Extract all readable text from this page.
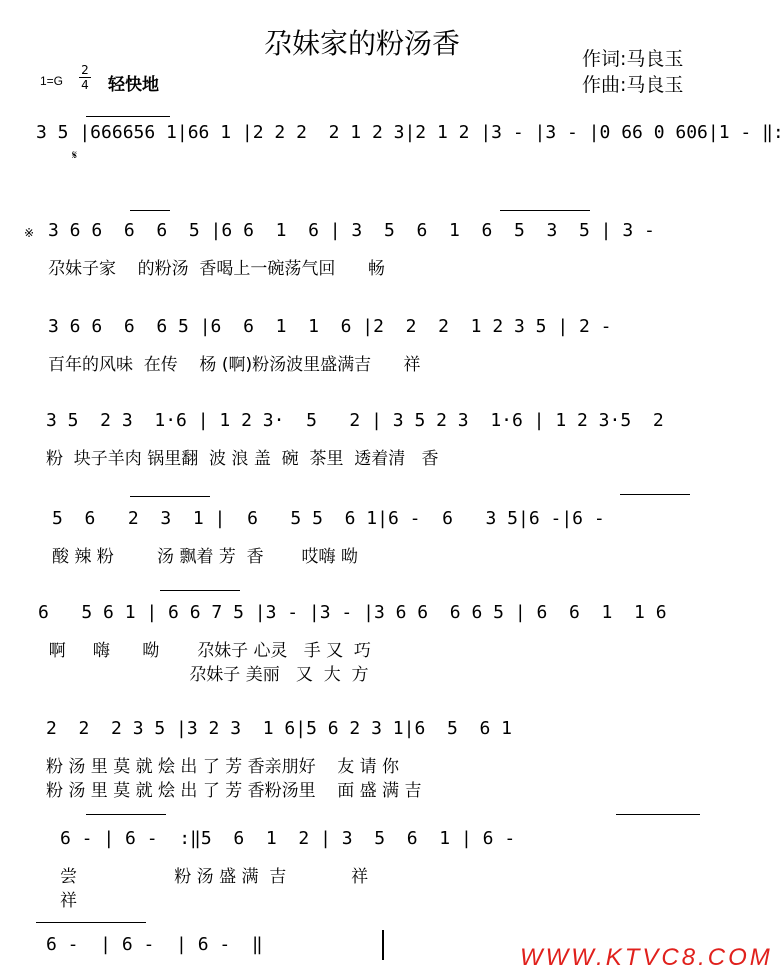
尕妹家的粉汤香	作词:马良玉
作曲:马良玉
$1=G \frac{2}{4}$ 轻快地
3 5 |666656 1|66 1 |2 2 2  2 1 2 3|2 1 2 |3 - |3 - |0 66 0 606|1 - ‖:
𝄋
※ 3 6 6  6  6  5 |6 6  1  6 | 3  5  6  1  6  5  3  5 | 3 -
尕妹子家    的粉汤  香喝上一碗荡气回      畅
3 6 6  6  6 5 |6  6  1  1  6 |2  2  2  1 2 3 5 | 2 -
百年的风味  在传    杨 (啊)粉汤波里盛满吉      祥
3 5  2 3  1·6 | 1 2 3·  5   2 | 3 5 2 3  1·6 | 1 2 3·5  2
粉  块子羊肉 锅里翻  波 浪 盖  碗  茶里  透着清   香
5  6   2  3  1 |  6   5 5  6 1|6 -  6   3 5|6 -|6 -
酸 辣 粉        汤 飘着 芳  香       哎嗨 呦
6   5 6 1 | 6 6 7 5 |3 - |3 - |3 6 6  6 6 5 | 6  6  1  1 6
啊     嗨      呦       尕妹子 心灵   手 又  巧
尕妹子 美丽   又  大  方
2  2  2 3 5 |3 2 3  1 6|5 6 2 3 1|6  5  6 1
粉 汤 里 莫 就 烩 出 了 芳 香亲朋好    友 请 你
粉 汤 里 莫 就 烩 出 了 芳 香粉汤里    面 盛 满 吉
6 - | 6 -  :‖5  6  1  2 | 3  5  6  1 | 6 -
尝                  粉 汤 盛 满  吉            祥
祥
6 -  | 6 -  | 6 -  ‖	WWW.KTVC8.COM
